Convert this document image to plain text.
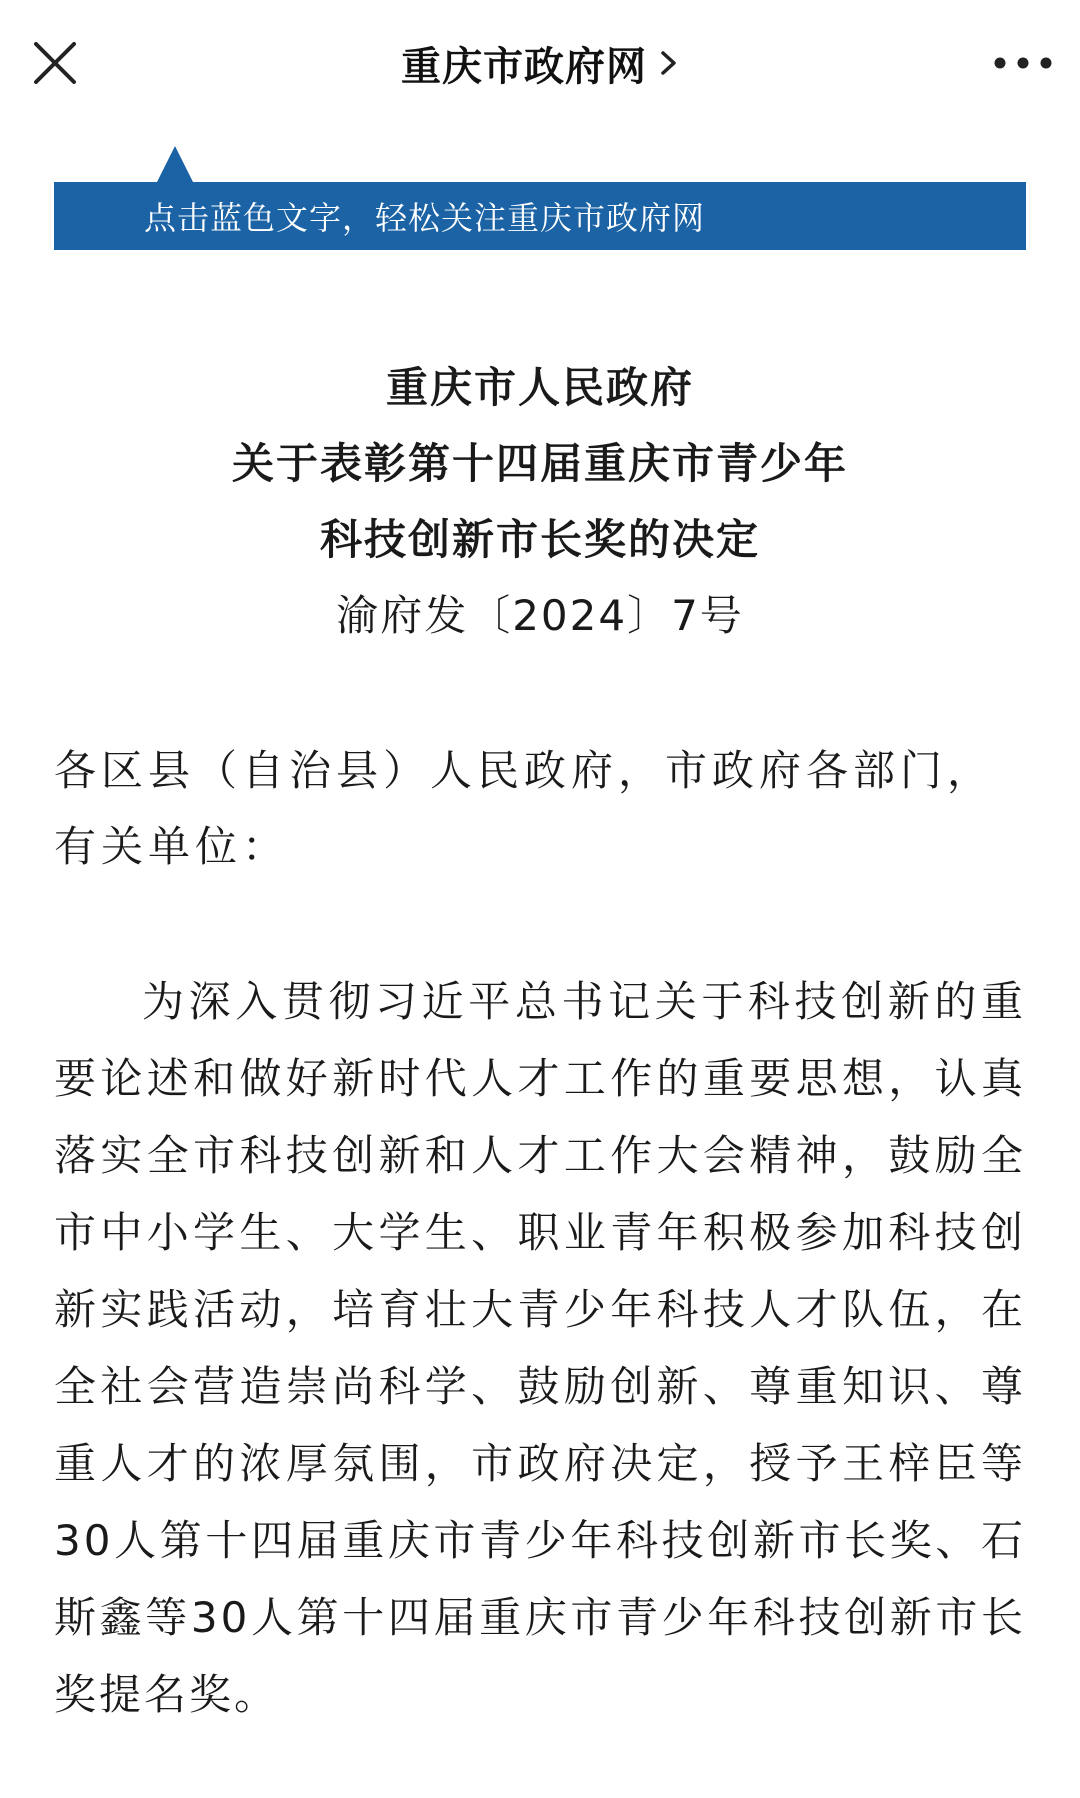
重庆市政府网
点击蓝色文字，轻松关注重庆市政府网
重庆市人民政府
关于表彰第十四届重庆市青少年
科技创新市长奖的决定
渝府发〔2024〕7号
各区县（自治县）人民政府，市政府各部门，有关单位：
为深入贯彻习近平总书记关于科技创新的重要论述和做好新时代人才工作的重要思想，认真落实全市科技创新和人才工作大会精神，鼓励全市中小学生、大学生、职业青年积极参加科技创新实践活动，培育壮大青少年科技人才队伍，在全社会营造崇尚科学、鼓励创新、尊重知识、尊重人才的浓厚氛围，市政府决定，授予王梓臣等30人第十四届重庆市青少年科技创新市长奖、石斯鑫等30人第十四届重庆市青少年科技创新市长奖提名奖。
